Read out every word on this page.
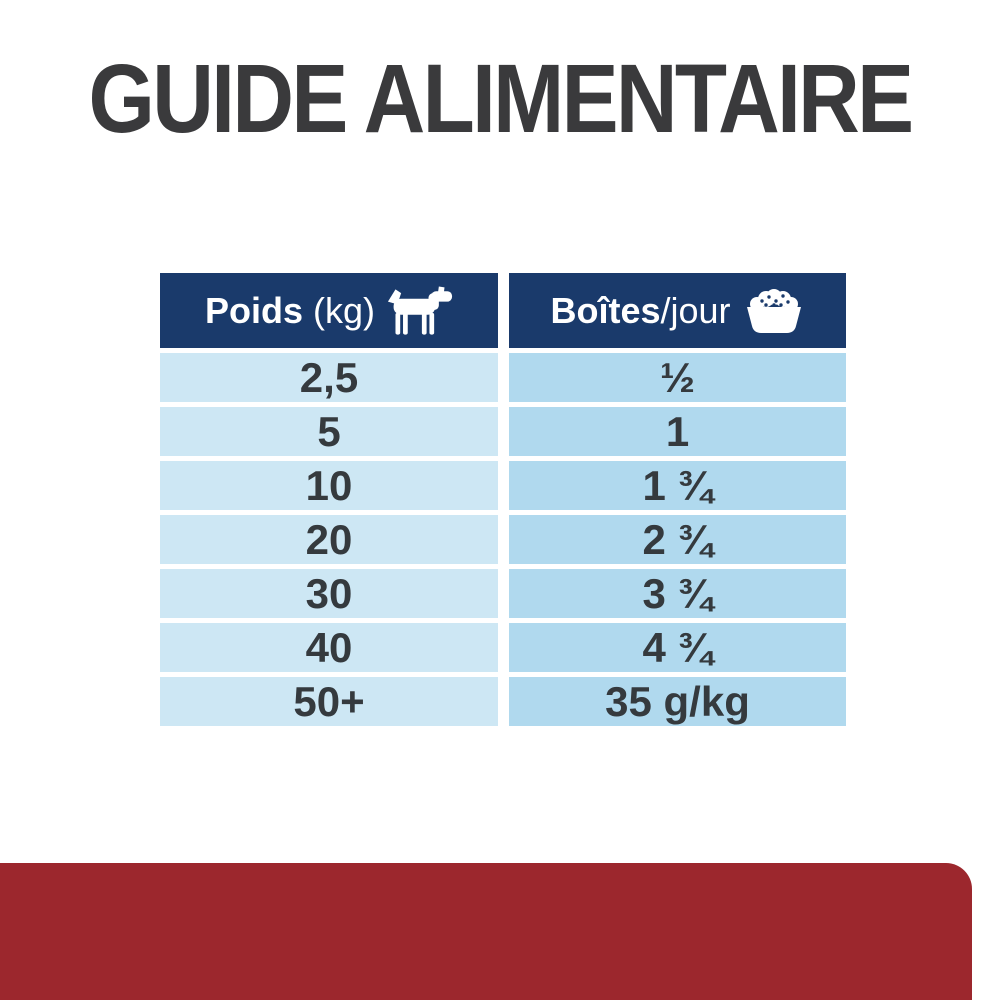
GUIDE ALIMENTAIRE
Poids (kg)	Boîtes/jour
2,5	½
5	1
10	1 ¾
20	2 ¾
30	3 ¾
40	4 ¾
50+	35 g/kg
